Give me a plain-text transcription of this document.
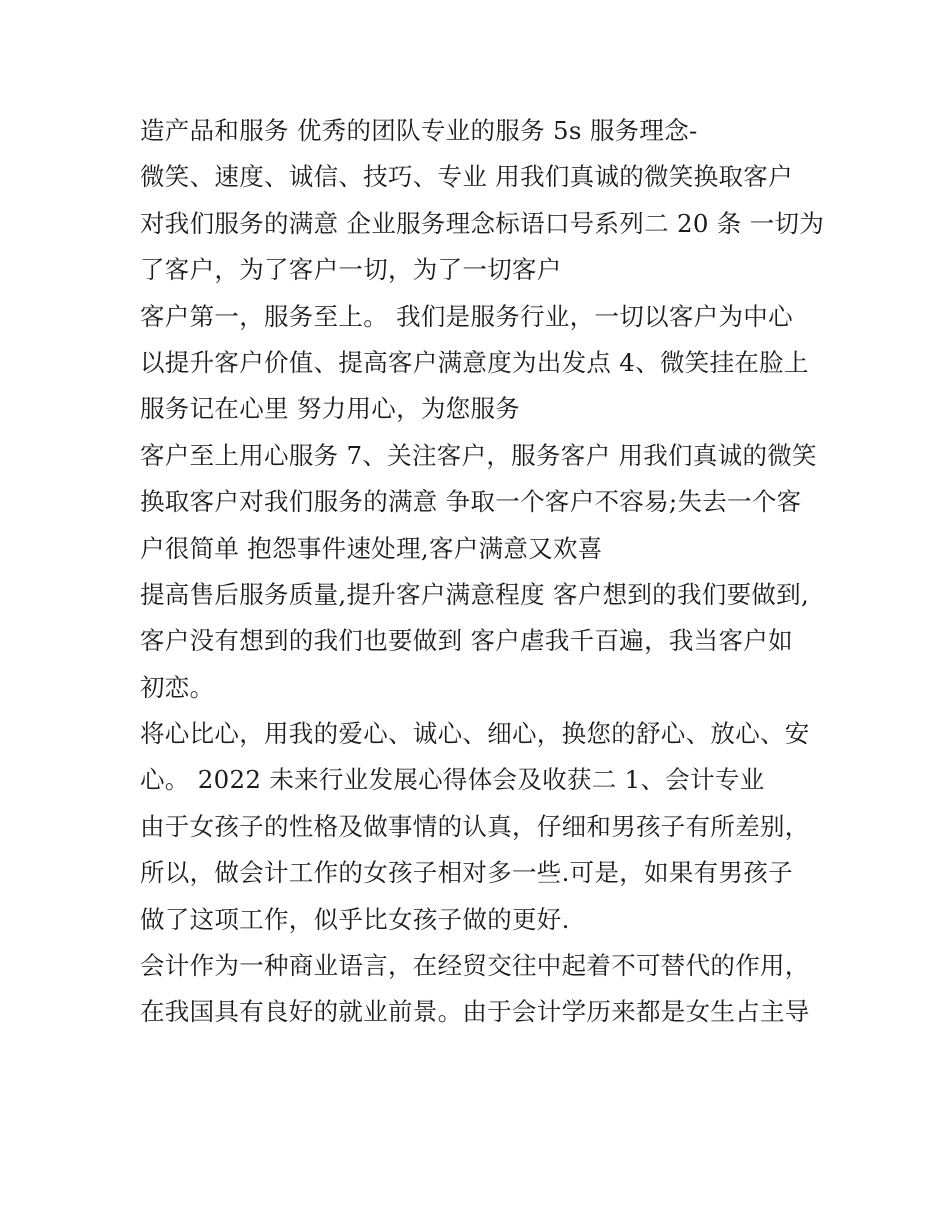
造产品和服务 优秀的团队专业的服务 5s 服务理念-
微笑、速度、诚信、技巧、专业 用我们真诚的微笑换取客户
对我们服务的满意 企业服务理念标语口号系列二 20 条 一切为
了客户，为了客户一切，为了一切客户
客户第一，服务至上。 我们是服务行业，一切以客户为中心
以提升客户价值、提高客户满意度为出发点 4、微笑挂在脸上
服务记在心里 努力用心，为您服务
客户至上用心服务 7、关注客户，服务客户 用我们真诚的微笑
换取客户对我们服务的满意 争取一个客户不容易;失去一个客
户很简单 抱怨事件速处理,客户满意又欢喜
提高售后服务质量,提升客户满意程度 客户想到的我们要做到,
客户没有想到的我们也要做到 客户虐我千百遍，我当客户如
初恋。
将心比心，用我的爱心、诚心、细心，换您的舒心、放心、安
心。 2022 未来行业发展心得体会及收获二 1、会计专业
由于女孩子的性格及做事情的认真，仔细和男孩子有所差别，
所以，做会计工作的女孩子相对多一些.可是，如果有男孩子
做了这项工作，似乎比女孩子做的更好.
会计作为一种商业语言，在经贸交往中起着不可替代的作用，
在我国具有良好的就业前景。由于会计学历来都是女生占主导
